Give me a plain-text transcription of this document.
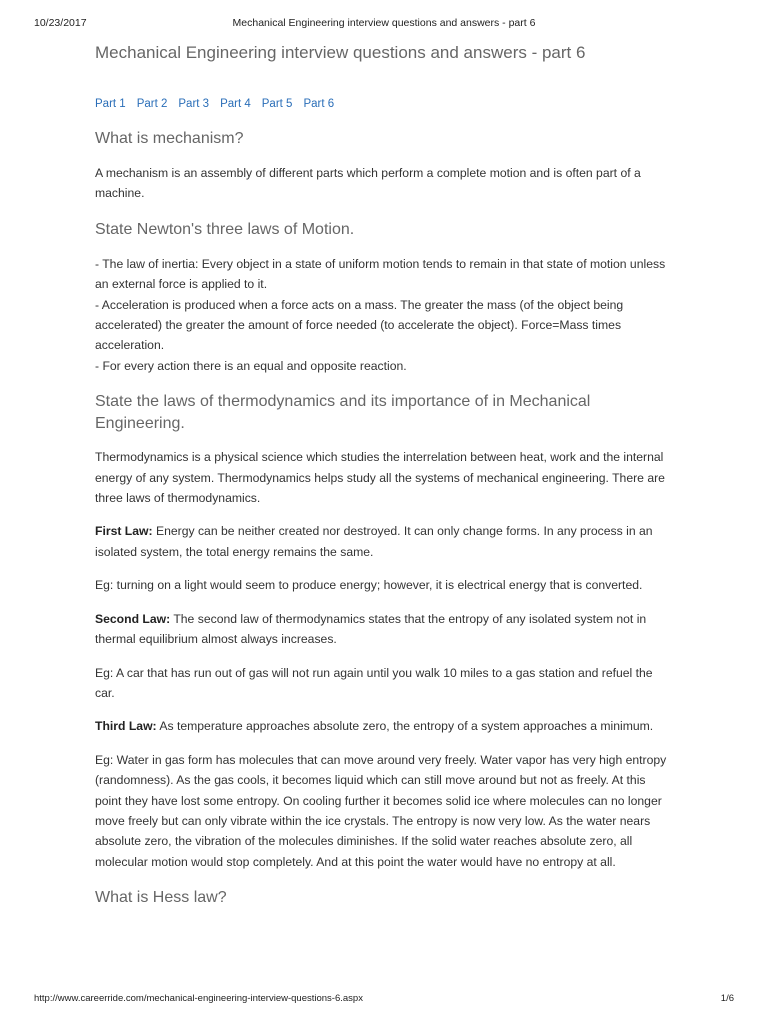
10/23/2017	Mechanical Engineering interview questions and answers - part 6
Mechanical Engineering interview questions and answers - part 6
Part 1 Part 2 Part 3 Part 4 Part 5 Part 6
What is mechanism?

A mechanism is an assembly of different parts which perform a complete motion and is often part of a machine.

State Newton's three laws of Motion.

- The law of inertia: Every object in a state of uniform motion tends to remain in that state of motion unless an external force is applied to it.

- Acceleration is produced when a force acts on a mass. The greater the mass (of the object being accelerated) the greater the amount of force needed (to accelerate the object). Force=Mass times acceleration.

- For every action there is an equal and opposite reaction.

State the laws of thermodynamics and its importance of in Mechanical Engineering.

Thermodynamics is a physical science which studies the interrelation between heat, work and the internal energy of any system. Thermodynamics helps study all the systems of mechanical engineering. There are three laws of thermodynamics.

First Law: Energy can be neither created nor destroyed. It can only change forms. In any process in an isolated system, the total energy remains the same.

Eg: turning on a light would seem to produce energy; however, it is electrical energy that is converted.

Second Law: The second law of thermodynamics states that the entropy of any isolated system not in thermal equilibrium almost always increases.

Eg: A car that has run out of gas will not run again until you walk 10 miles to a gas station and refuel the car.

Third Law: As temperature approaches absolute zero, the entropy of a system approaches a minimum.

Eg: Water in gas form has molecules that can move around very freely. Water vapor has very high entropy (randomness). As the gas cools, it becomes liquid which can still move around but not as freely. At this point they have lost some entropy. On cooling further it becomes solid ice where molecules can no longer move freely but can only vibrate within the ice crystals. The entropy is now very low. As the water nears absolute zero, the vibration of the molecules diminishes. If the solid water reaches absolute zero, all molecular motion would stop completely. And at this point the water would have no entropy at all.

What is Hess law?
http://www.careerride.com/mechanical-engineering-interview-questions-6.aspx	1/6
